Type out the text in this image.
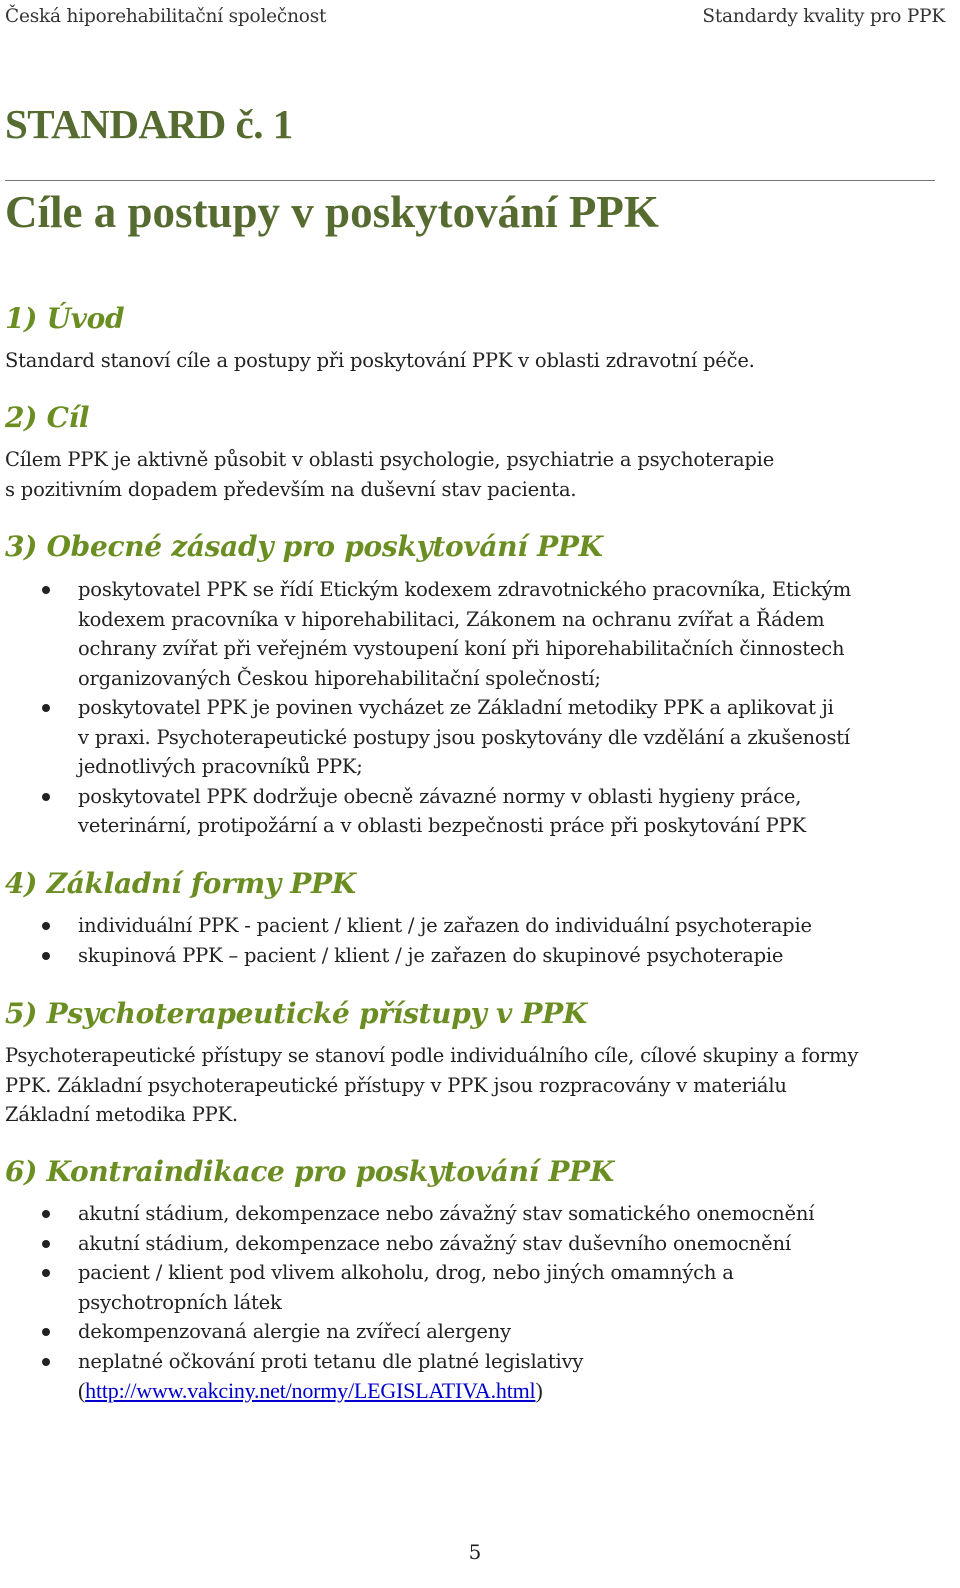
Česká hiporehabilitační společnost	Standardy kvality pro PPK
STANDARD č. 1
Cíle a postupy v poskytování PPK
1) Úvod
Standard stanoví cíle a postupy při poskytování PPK v oblasti zdravotní péče.
2) Cíl
Cílem PPK je aktivně působit v oblasti psychologie, psychiatrie a psychoterapie
s pozitivním dopadem především na duševní stav pacienta.
3) Obecné zásady pro poskytování PPK
poskytovatel PPK se řídí Etickým kodexem zdravotnického pracovníka, Etickým
kodexem pracovníka v hiporehabilitaci, Zákonem na ochranu zvířat a Řádem
ochrany zvířat při veřejném vystoupení koní při hiporehabilitačních činnostech
organizovaných Českou hiporehabilitační společností;
poskytovatel PPK je povinen vycházet ze Základní metodiky PPK a aplikovat ji
v praxi. Psychoterapeutické postupy jsou poskytovány dle vzdělání a zkušeností
jednotlivých pracovníků PPK;
poskytovatel PPK dodržuje obecně závazné normy v oblasti hygieny práce,
veterinární, protipožární a v oblasti bezpečnosti práce při poskytování PPK
4) Základní formy PPK
individuální PPK - pacient / klient / je zařazen do individuální psychoterapie
skupinová PPK – pacient / klient / je zařazen do skupinové psychoterapie
5) Psychoterapeutické přístupy v PPK
Psychoterapeutické přístupy se stanoví podle individuálního cíle, cílové skupiny a formy
PPK. Základní psychoterapeutické přístupy v PPK jsou rozpracovány v materiálu
Základní metodika PPK.
6) Kontraindikace pro poskytování PPK
akutní stádium, dekompenzace nebo závažný stav somatického onemocnění
akutní stádium, dekompenzace nebo závažný stav duševního onemocnění
pacient / klient pod vlivem alkoholu, drog, nebo jiných omamných a
psychotropních látek
dekompenzovaná alergie na zvířecí alergeny
neplatné očkování proti tetanu dle platné legislativy
(http://www.vakciny.net/normy/LEGISLATIVA.html)
5
